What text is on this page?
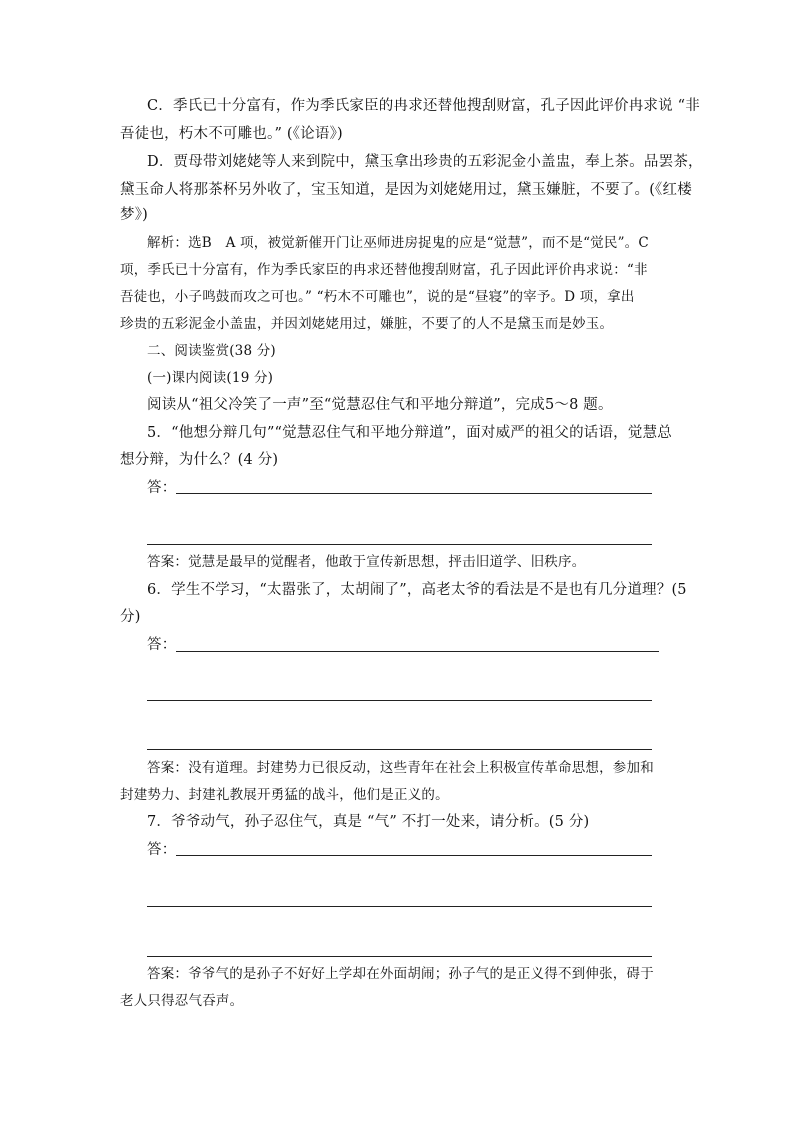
C．季氏已十分富有，作为季氏家臣的冉求还替他搜刮财富，孔子因此评价冉求说 “非
吾徒也，朽木不可雕也。” (《论语》)
D．贾母带刘姥姥等人来到院中，黛玉拿出珍贵的五彩泥金小盖盅，奉上茶。品罢茶，
黛玉命人将那茶杯另外收了，宝玉知道，是因为刘姥姥用过，黛玉嫌脏，不要了。(《红楼
梦》)
解析：选B　A 项，被觉新催开门让巫师进房捉鬼的应是“觉慧”，而不是“觉民”。C
项，季氏已十分富有，作为季氏家臣的冉求还替他搜刮财富，孔子因此评价冉求说：“非
吾徒也，小子鸣鼓而攻之可也。” “朽木不可雕也”，说的是“昼寝”的宰予。D 项，拿出
珍贵的五彩泥金小盖盅，并因刘姥姥用过，嫌脏，不要了的人不是黛玉而是妙玉。
二、阅读鉴赏(38 分)
(一)课内阅读(19 分)
阅读从“祖父冷笑了一声”至“觉慧忍住气和平地分辩道”，完成5～8 题。
5．“他想分辩几句”“觉慧忍住气和平地分辩道”，面对威严的祖父的话语，觉慧总
想分辩，为什么？(4 分)
答：
答案：觉慧是最早的觉醒者，他敢于宣传新思想，抨击旧道学、旧秩序。
6．学生不学习，“太嚣张了，太胡闹了”，高老太爷的看法是不是也有几分道理？(5
分)
答：
答案：没有道理。封建势力已很反动，这些青年在社会上积极宣传革命思想，参加和
封建势力、封建礼教展开勇猛的战斗，他们是正义的。
7．爷爷动气，孙子忍住气，真是 “气” 不打一处来，请分析。(5 分)
答：
答案：爷爷气的是孙子不好好上学却在外面胡闹；孙子气的是正义得不到伸张，碍于
老人只得忍气吞声。
